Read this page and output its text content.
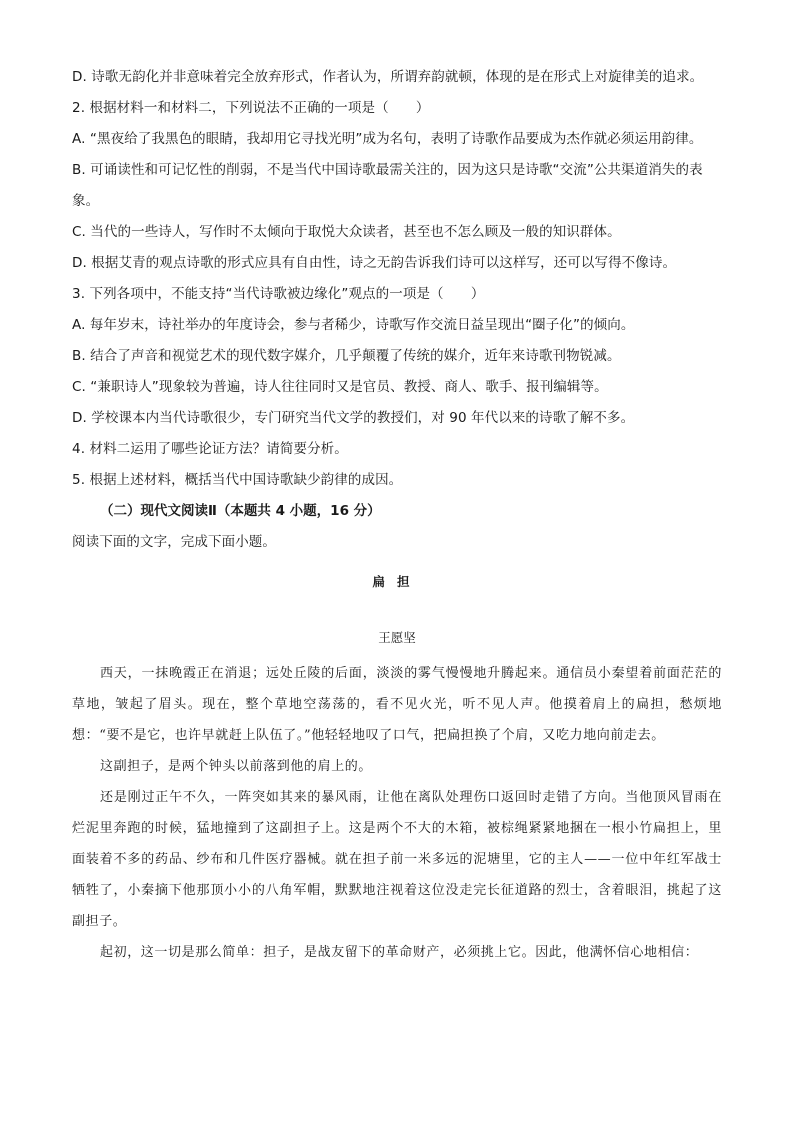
D. 诗歌无韵化并非意味着完全放弃形式，作者认为，所谓弃韵就顿，体现的是在形式上对旋律美的追求。

2. 根据材料一和材料二，下列说法不正确的一项是（　　）

A. “黑夜给了我黑色的眼睛，我却用它寻找光明”成为名句，表明了诗歌作品要成为杰作就必须运用韵律。

B. 可诵读性和可记忆性的削弱，不是当代中国诗歌最需关注的，因为这只是诗歌“交流”公共渠道消失的表象。

C. 当代的一些诗人，写作时不太倾向于取悦大众读者，甚至也不怎么顾及一般的知识群体。

D. 根据艾青的观点诗歌的形式应具有自由性，诗之无韵告诉我们诗可以这样写，还可以写得不像诗。

3. 下列各项中，不能支持“当代诗歌被边缘化”观点的一项是（　　）

A. 每年岁末，诗社举办的年度诗会，参与者稀少，诗歌写作交流日益呈现出“圈子化”的倾向。

B. 结合了声音和视觉艺术的现代数字媒介，几乎颠覆了传统的媒介，近年来诗歌刊物锐减。

C. “兼职诗人”现象较为普遍，诗人往往同时又是官员、教授、商人、歌手、报刊编辑等。

D. 学校课本内当代诗歌很少，专门研究当代文学的教授们，对 90 年代以来的诗歌了解不多。

4. 材料二运用了哪些论证方法？请简要分析。

5. 根据上述材料，概括当代中国诗歌缺少韵律的成因。

（二）现代文阅读Ⅱ（本题共 4 小题，16 分）

阅读下面的文字，完成下面小题。

扁担

王愿坚

西天，一抹晚霞正在消退；远处丘陵的后面，淡淡的雾气慢慢地升腾起来。通信员小秦望着前面茫茫的草地，皱起了眉头。现在，整个草地空荡荡的，看不见火光，听不见人声。他摸着肩上的扁担，愁烦地想：“要不是它，也许早就赶上队伍了。”他轻轻地叹了口气，把扁担换了个肩，又吃力地向前走去。

这副担子，是两个钟头以前落到他的肩上的。

还是刚过正午不久，一阵突如其来的暴风雨，让他在离队处理伤口返回时走错了方向。当他顶风冒雨在烂泥里奔跑的时候，猛地撞到了这副担子上。这是两个不大的木箱，被棕绳紧紧地捆在一根小竹扁担上，里面装着不多的药品、纱布和几件医疗器械。就在担子前一米多远的泥塘里，它的主人——一位中年红军战士牺牲了，小秦摘下他那顶小小的八角军帽，默默地注视着这位没走完长征道路的烈士，含着眼泪，挑起了这副担子。

起初，这一切是那么简单：担子，是战友留下的革命财产，必须挑上它。因此，他满怀信心地相信：
